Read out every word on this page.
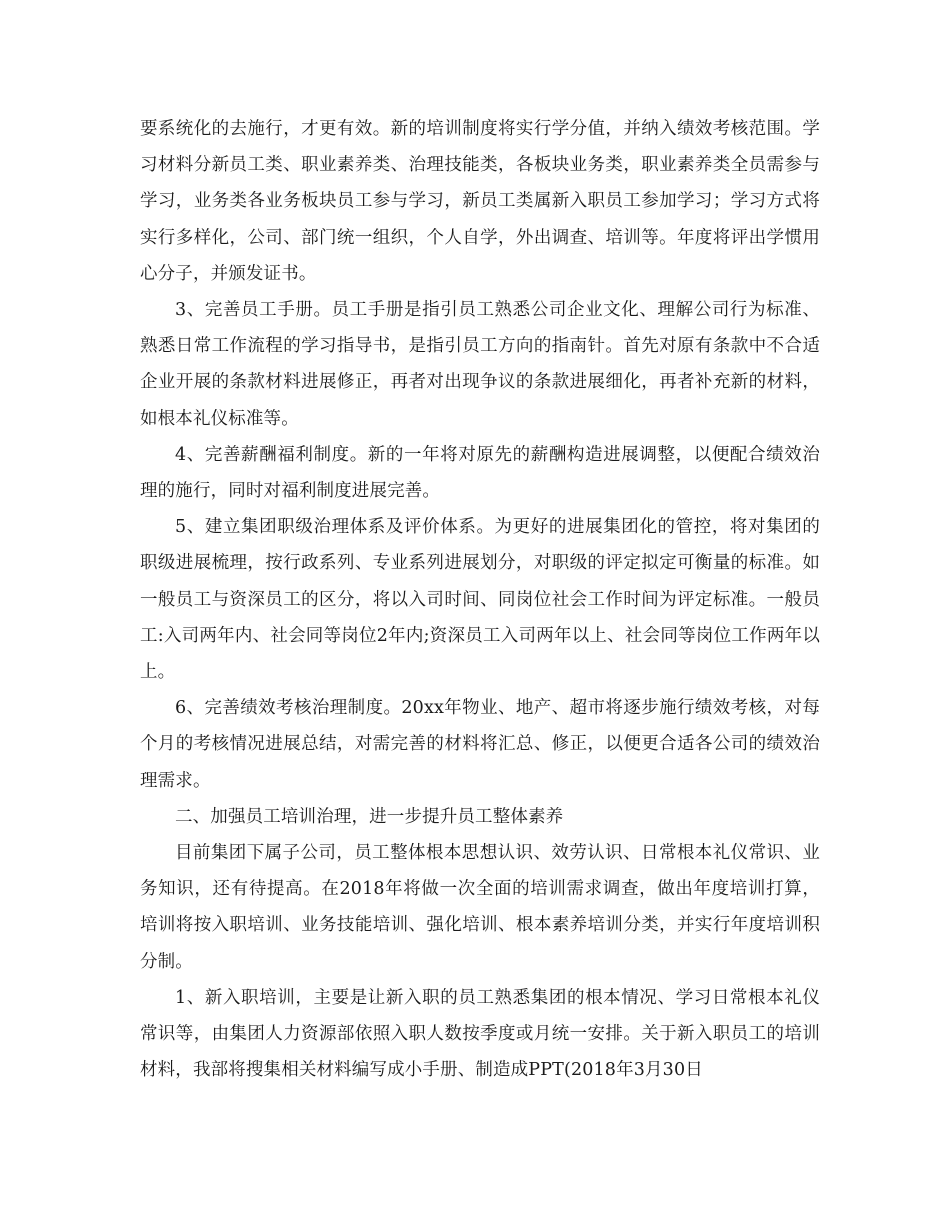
要系统化的去施行，才更有效。新的培训制度将实行学分值，并纳入绩效考核范围。学习材料分新员工类、职业素养类、治理技能类，各板块业务类，职业素养类全员需参与学习，业务类各业务板块员工参与学习，新员工类属新入职员工参加学习；学习方式将实行多样化，公司、部门统一组织，个人自学，外出调查、培训等。年度将评出学惯用心分子，并颁发证书。

3、完善员工手册。员工手册是指引员工熟悉公司企业文化、理解公司行为标准、熟悉日常工作流程的学习指导书，是指引员工方向的指南针。首先对原有条款中不合适企业开展的条款材料进展修正，再者对出现争议的条款进展细化，再者补充新的材料，如根本礼仪标准等。

4、完善薪酬福利制度。新的一年将对原先的薪酬构造进展调整，以便配合绩效治理的施行，同时对福利制度进展完善。

5、建立集团职级治理体系及评价体系。为更好的进展集团化的管控，将对集团的职级进展梳理，按行政系列、专业系列进展划分，对职级的评定拟定可衡量的标准。如一般员工与资深员工的区分，将以入司时间、同岗位社会工作时间为评定标准。一般员工:入司两年内、社会同等岗位2年内;资深员工入司两年以上、社会同等岗位工作两年以上。

6、完善绩效考核治理制度。20xx年物业、地产、超市将逐步施行绩效考核，对每个月的考核情况进展总结，对需完善的材料将汇总、修正，以便更合适各公司的绩效治理需求。

二、加强员工培训治理，进一步提升员工整体素养

目前集团下属子公司，员工整体根本思想认识、效劳认识、日常根本礼仪常识、业务知识，还有待提高。在2018年将做一次全面的培训需求调查，做出年度培训打算，培训将按入职培训、业务技能培训、强化培训、根本素养培训分类，并实行年度培训积分制。

1、新入职培训，主要是让新入职的员工熟悉集团的根本情况、学习日常根本礼仪常识等，由集团人力资源部依照入职人数按季度或月统一安排。关于新入职员工的培训材料，我部将搜集相关材料编写成小手册、制造成PPT(2018年3月30日
